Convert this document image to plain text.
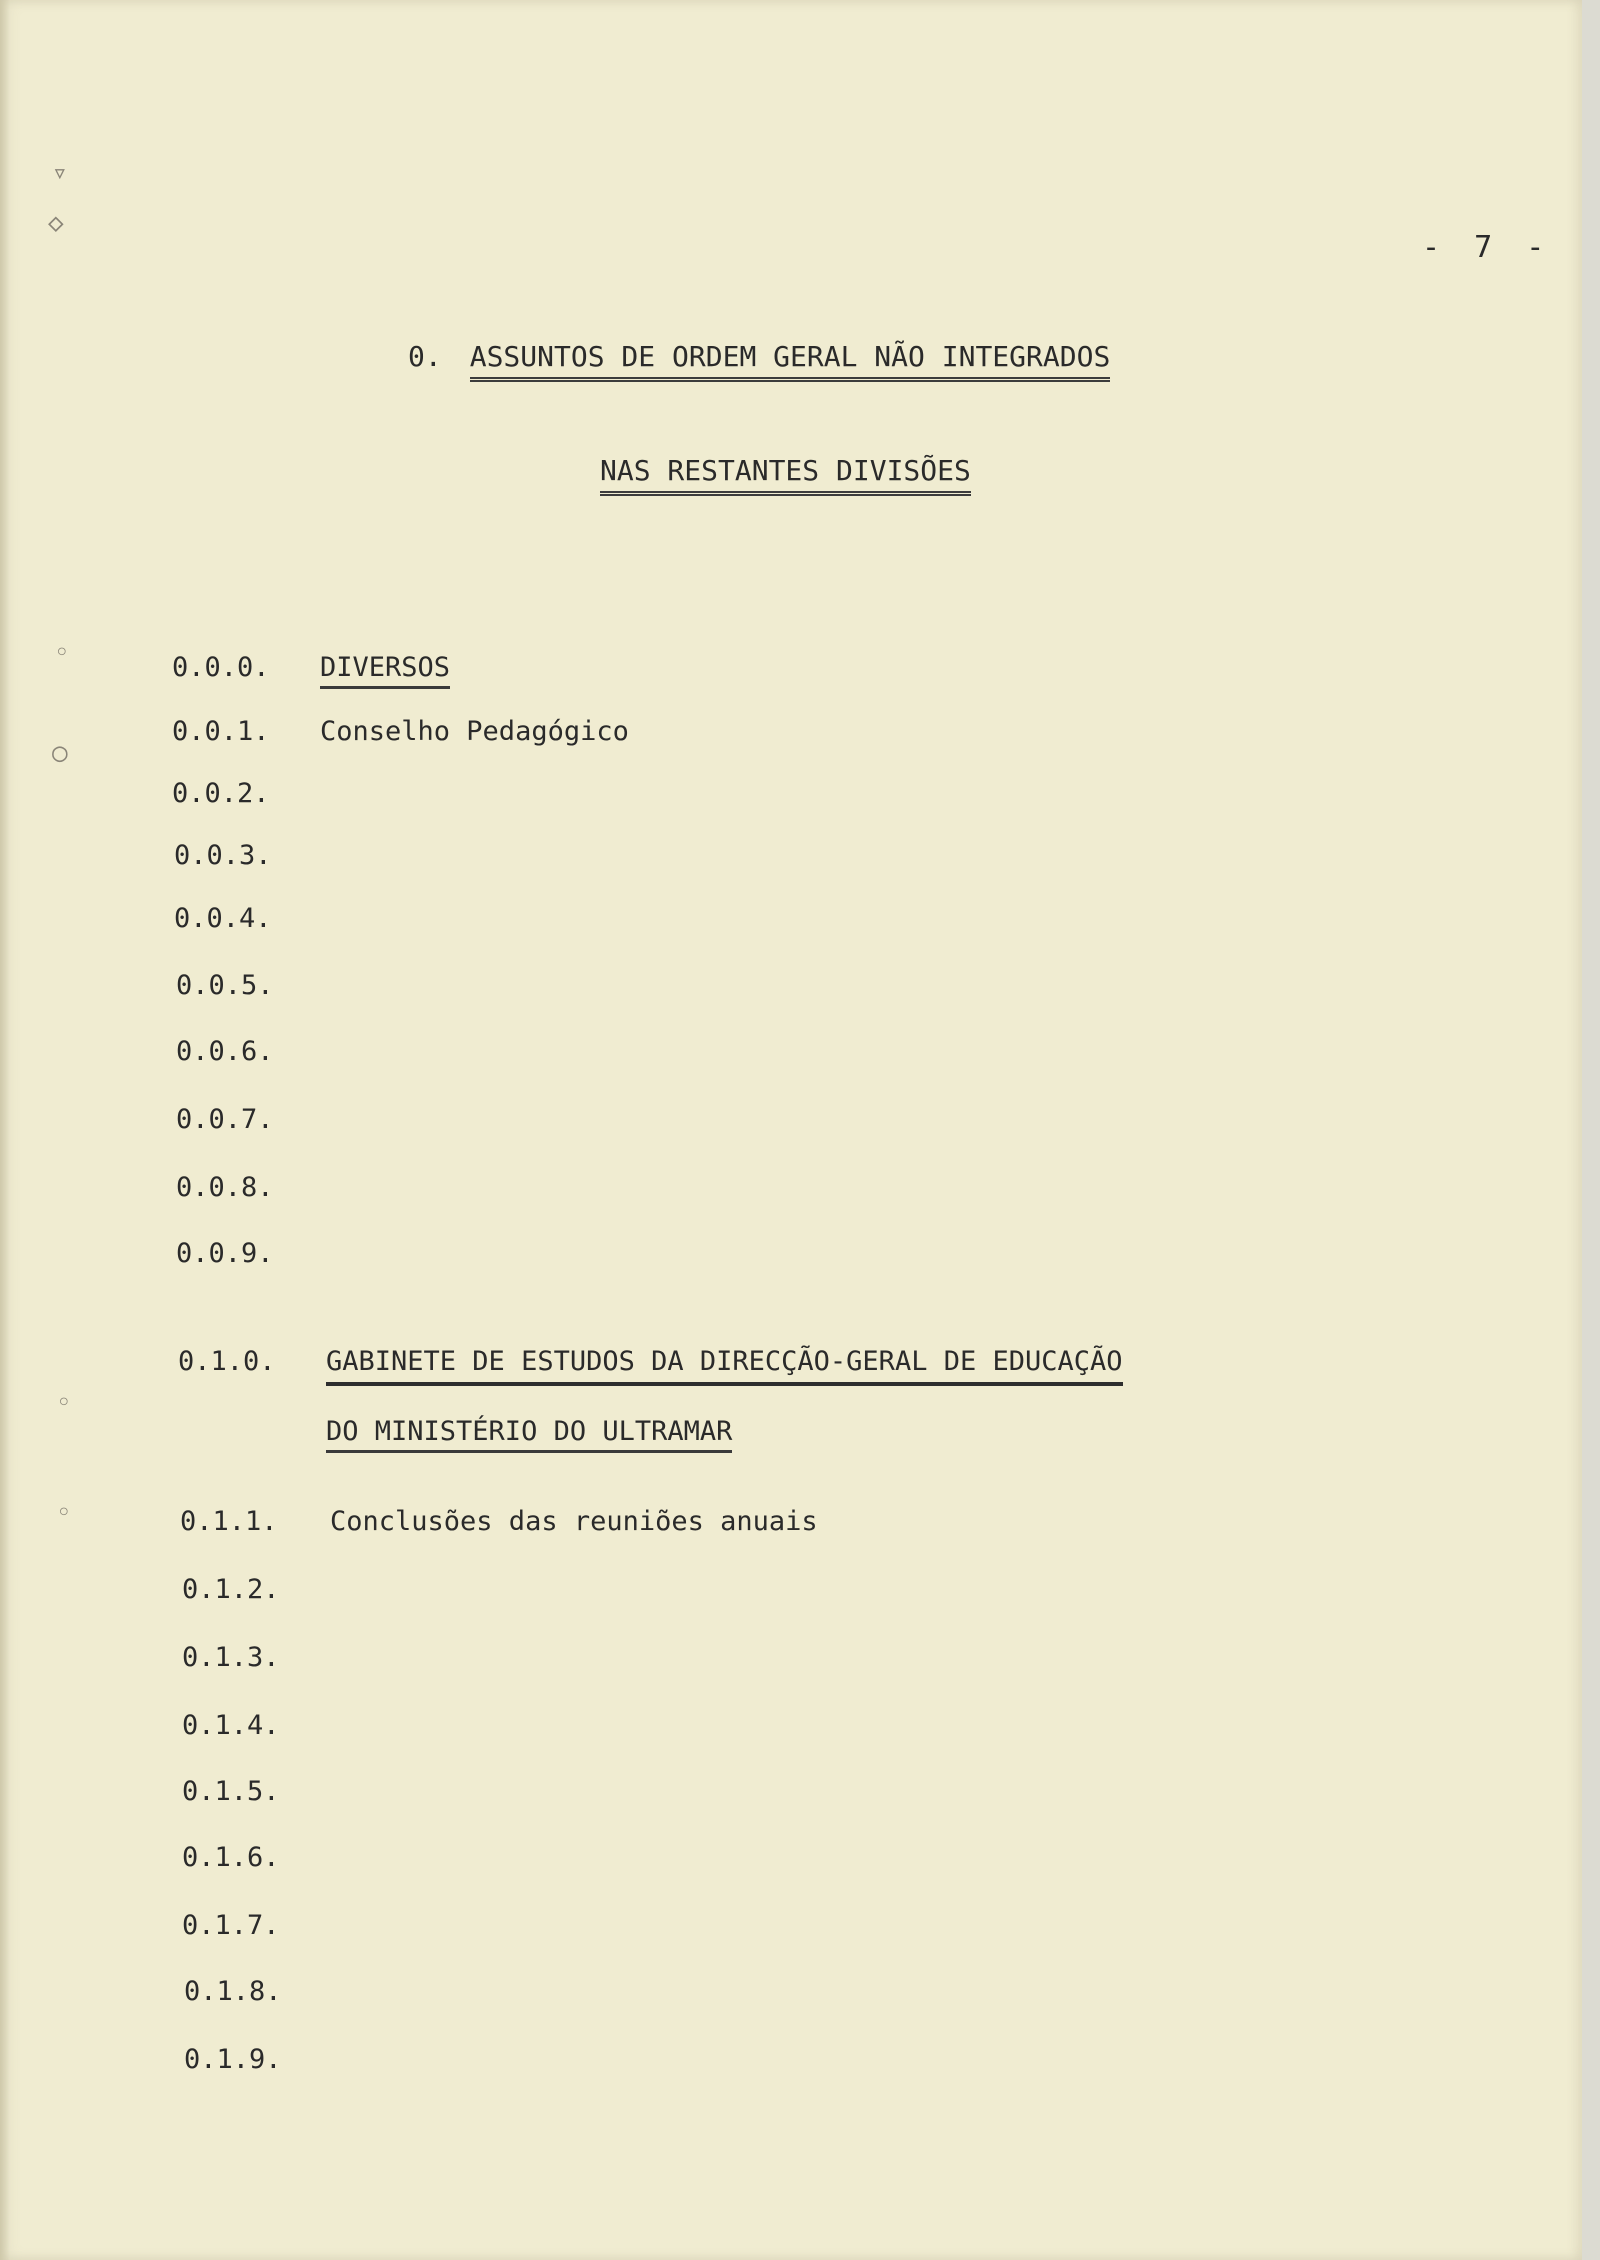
▿
◇
◦
○
◦
◦
- 7 -
0. ASSUNTOS DE ORDEM GERAL NÃO INTEGRADOS
NAS RESTANTES DIVISÕES
0.0.0. DIVERSOS
0.0.1. Conselho Pedagógico
0.0.2.
0.0.3.
0.0.4.
0.0.5.
0.0.6.
0.0.7.
0.0.8.
0.0.9.
0.1.0. GABINETE DE ESTUDOS DA DIRECÇÃO-GERAL DE EDUCAÇÃO
DO MINISTÉRIO DO ULTRAMAR
0.1.1. Conclusões das reuniões anuais
0.1.2.
0.1.3.
0.1.4.
0.1.5.
0.1.6.
0.1.7.
0.1.8.
0.1.9.
